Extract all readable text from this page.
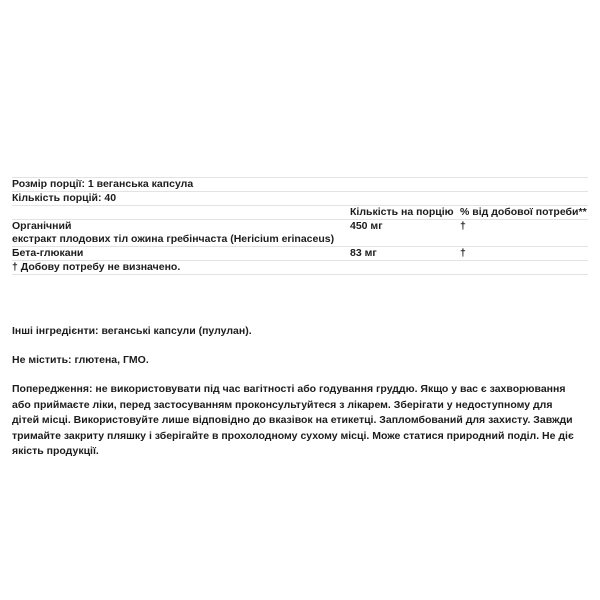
Розмір порції: 1 веганська капсула		
Кількість порцій: 40		
	Кількість на порцію	% від добової потреби**

Органічний
екстракт плодових тіл ожина гребінчаста (Hericium erinaceus)	450 мг	†
Бета-глюкани	83 мг	†
† Добову потребу не визначено.		

Інші інгредієнти: веганські капсули (пулулан).

Не містить: глютена, ГМО.

Попередження: не використовувати під час вагітності або годування груддю. Якщо у вас є захворювання або приймаєте ліки, перед застосуванням проконсультуйтеся з лікарем. Зберігати у недоступному для дітей місці. Використовуйте лише відповідно до вказівок на етикетці. Запломбований для захисту. Завжди тримайте закриту пляшку і зберігайте в прохолодному сухому місці. Може статися природний поділ. Не діє якість продукції.
